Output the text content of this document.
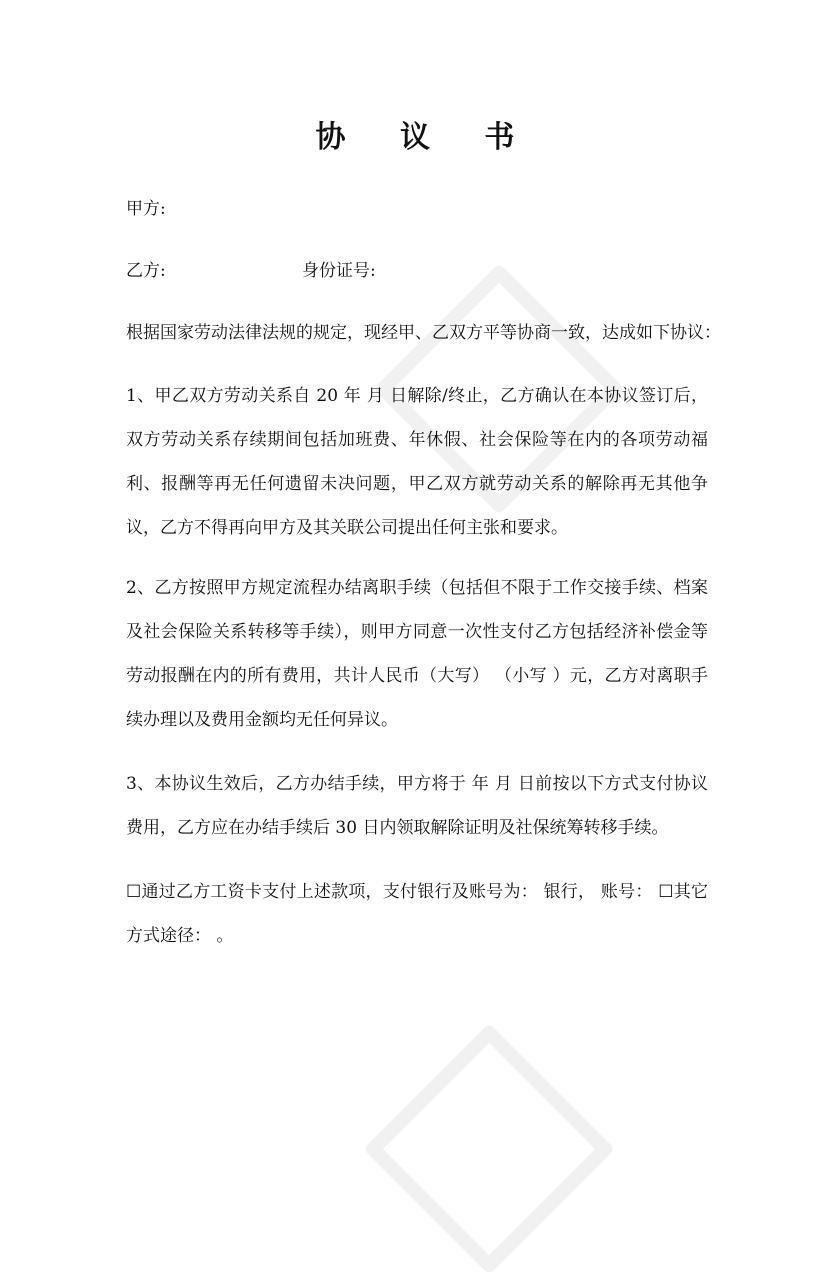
协 议 书
甲方:
乙方:	身份证号:
根据国家劳动法律法规的规定，现经甲、乙双方平等协商一致，达成如下协议：
1、甲乙双方劳动关系自 20 年 月 日解除/终止，乙方确认在本协议签订后，双方劳动关系存续期间包括加班费、年休假、社会保险等在内的各项劳动福利、报酬等再无任何遗留未决问题，甲乙双方就劳动关系的解除再无其他争议，乙方不得再向甲方及其关联公司提出任何主张和要求。
2、乙方按照甲方规定流程办结离职手续（包括但不限于工作交接手续、档案及社会保险关系转移等手续），则甲方同意一次性支付乙方包括经济补偿金等劳动报酬在内的所有费用，共计人民币（大写） （小写 ）元，乙方对离职手续办理以及费用金额均无任何异议。
3、本协议生效后，乙方办结手续，甲方将于 年 月 日前按以下方式支付协议费用，乙方应在办结手续后 30 日内领取解除证明及社保统筹转移手续。
☐通过乙方工资卡支付上述款项，支付银行及账号为： 银行， 账号： ☐其它方式途径： 。
